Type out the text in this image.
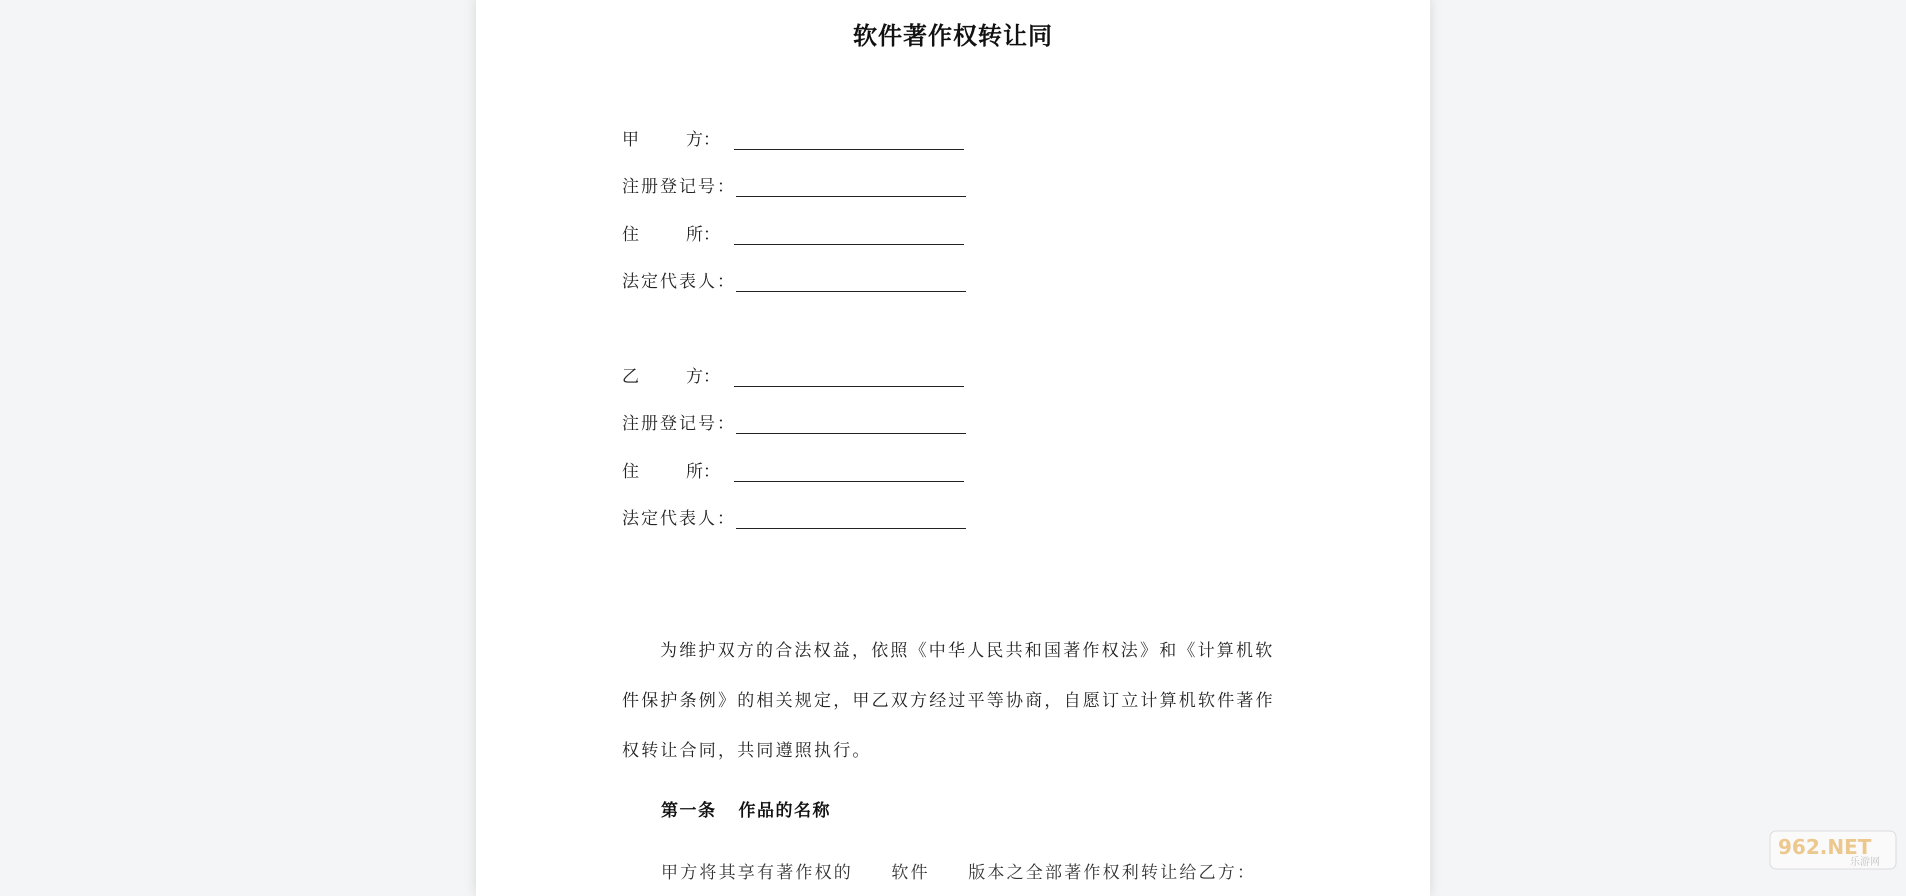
软件著作权转让同
甲	方：
注册登记号：
住	所：
法定代表人：
乙	方：
注册登记号：
住	所：
法定代表人：
为维护双方的合法权益，依照《中华人民共和国著作权法》和《计算机软件保护条例》的相关规定，甲乙双方经过平等协商，自愿订立计算机软件著作权转让合同，共同遵照执行。
第一条 作品的名称
甲方将其享有著作权的　　软件　　版本之全部著作权利转让给乙方：
962.NET
乐游网
